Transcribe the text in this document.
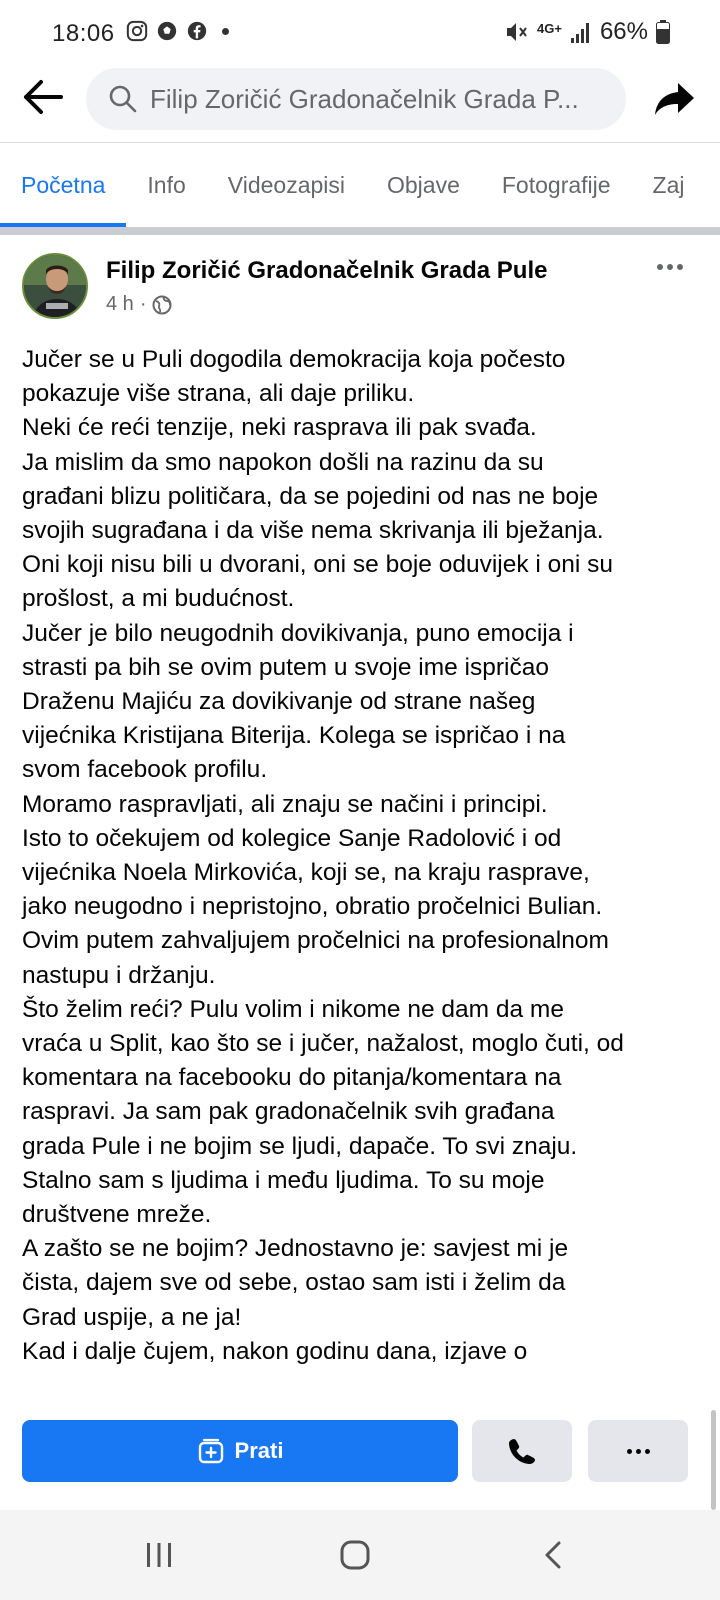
18:06	4G+ 66%
Filip Zoričić Gradonačelnik Grada P...
Početna	Info	Videozapisi	Objave	Fotografije	Zaj
Filip Zoričić Gradonačelnik Grada Pule
4 h ·
Jučer se u Puli dogodila demokracija koja počesto
pokazuje više strana, ali daje priliku.
Neki će reći tenzije, neki rasprava ili pak svađa.
Ja mislim da smo napokon došli na razinu da su
građani blizu političara, da se pojedini od nas ne boje
svojih sugrađana i da više nema skrivanja ili bježanja.
Oni koji nisu bili u dvorani, oni se boje oduvijek i oni su
prošlost, a mi budućnost.
Jučer je bilo neugodnih dovikivanja, puno emocija i
strasti pa bih se ovim putem u svoje ime ispričao
Draženu Majiću za dovikivanje od strane našeg
vijećnika Kristijana Biterija. Kolega se ispričao i na
svom facebook profilu.
Moramo raspravljati, ali znaju se načini i principi.
Isto to očekujem od kolegice Sanje Radolović i od
vijećnika Noela Mirkovića, koji se, na kraju rasprave,
jako neugodno i nepristojno, obratio pročelnici Bulian.
Ovim putem zahvaljujem pročelnici na profesionalnom
nastupu i držanju.
Što želim reći? Pulu volim i nikome ne dam da me
vraća u Split, kao što se i jučer, nažalost, moglo čuti, od
komentara na facebooku do pitanja/komentara na
raspravi. Ja sam pak gradonačelnik svih građana
grada Pule i ne bojim se ljudi, dapače. To svi znaju.
Stalno sam s ljudima i među ljudima. To su moje
društvene mreže.
A zašto se ne bojim? Jednostavno je: savjest mi je
čista, dajem sve od sebe, ostao sam isti i želim da
Grad uspije, a ne ja!
Kad i dalje čujem, nakon godinu dana, izjave o
Prati
